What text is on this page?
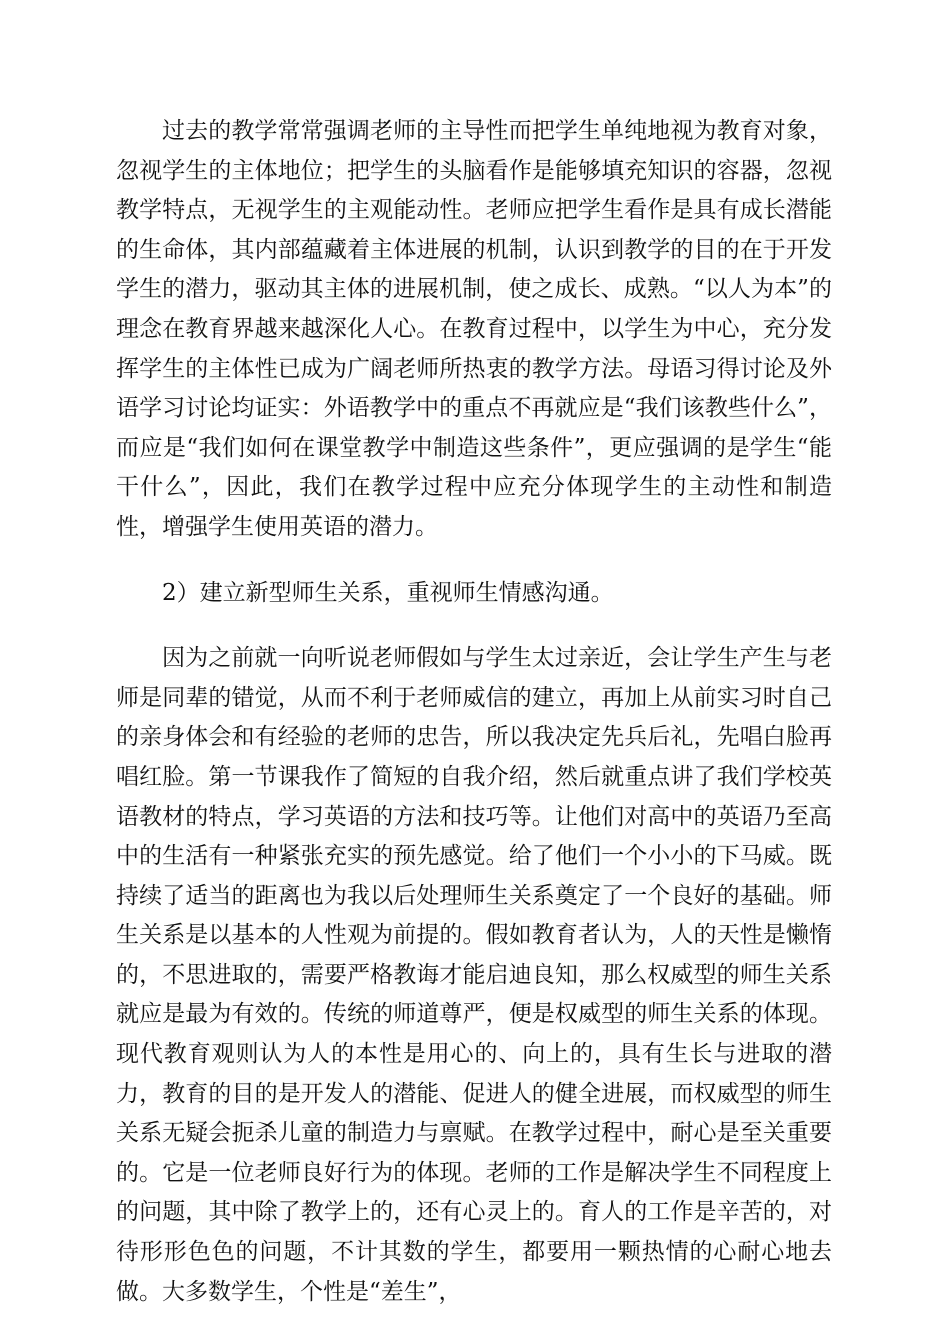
过去的教学常常强调老师的主导性而把学生单纯地视为教育对象，忽视学生的主体地位；把学生的头脑看作是能够填充知识的容器，忽视教学特点，无视学生的主观能动性。老师应把学生看作是具有成长潜能的生命体，其内部蕴藏着主体进展的机制，认识到教学的目的在于开发学生的潜力，驱动其主体的进展机制，使之成长、成熟。“以人为本”的理念在教育界越来越深化人心。在教育过程中，以学生为中心，充分发挥学生的主体性已成为广阔老师所热衷的教学方法。母语习得讨论及外语学习讨论均证实：外语教学中的重点不再就应是“我们该教些什么”，而应是“我们如何在课堂教学中制造这些条件”，更应强调的是学生“能干什么”，因此，我们在教学过程中应充分体现学生的主动性和制造性，增强学生使用英语的潜力。

2）建立新型师生关系，重视师生情感沟通。

因为之前就一向听说老师假如与学生太过亲近，会让学生产生与老师是同辈的错觉，从而不利于老师威信的建立，再加上从前实习时自己的亲身体会和有经验的老师的忠告，所以我决定先兵后礼，先唱白脸再唱红脸。第一节课我作了简短的自我介绍，然后就重点讲了我们学校英语教材的特点，学习英语的方法和技巧等。让他们对高中的英语乃至高中的生活有一种紧张充实的预先感觉。给了他们一个小小的下马威。既持续了适当的距离也为我以后处理师生关系奠定了一个良好的基础。师生关系是以基本的人性观为前提的。假如教育者认为，人的天性是懒惰的，不思进取的，需要严格教诲才能启迪良知，那么权威型的师生关系就应是最为有效的。传统的师道尊严，便是权威型的师生关系的体现。现代教育观则认为人的本性是用心的、向上的，具有生长与进取的潜力，教育的目的是开发人的潜能、促进人的健全进展，而权威型的师生关系无疑会扼杀儿童的制造力与禀赋。在教学过程中，耐心是至关重要的。它是一位老师良好行为的体现。老师的工作是解决学生不同程度上的问题，其中除了教学上的，还有心灵上的。育人的工作是辛苦的，对待形形色色的问题，不计其数的学生，都要用一颗热情的心耐心地去做。大多数学生，个性是“差生”，
